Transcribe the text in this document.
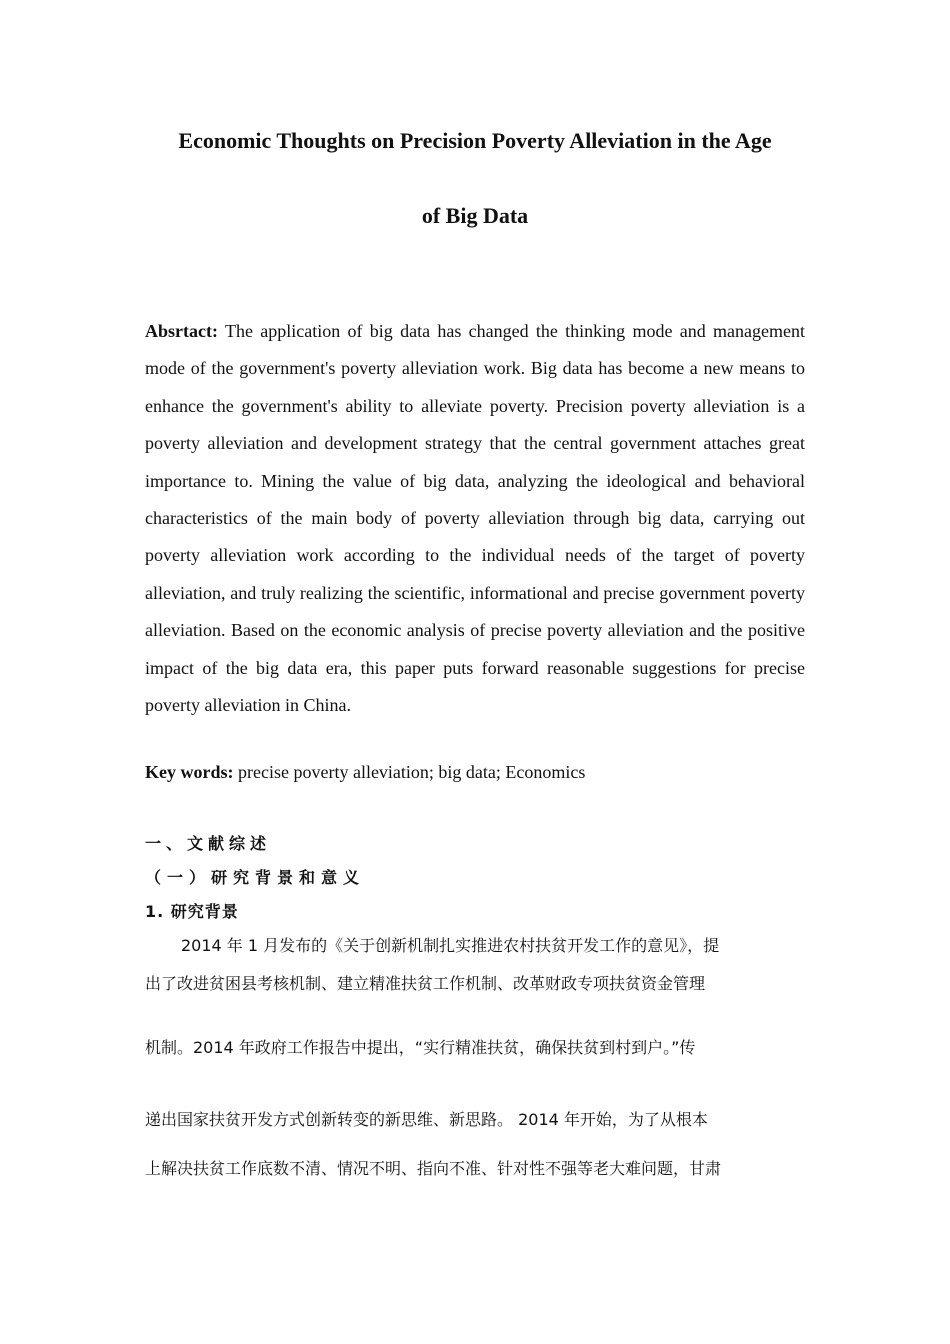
Economic Thoughts on Precision Poverty Alleviation in the Age
of Big Data

Absrtact: The application of big data has changed the thinking mode and management mode of the government's poverty alleviation work. Big data has become a new means to enhance the government's ability to alleviate poverty. Precision poverty alleviation is a poverty alleviation and development strategy that the central government attaches great importance to. Mining the value of big data, analyzing the ideological and behavioral characteristics of the main body of poverty alleviation through big data, carrying out poverty alleviation work according to the individual needs of the target of poverty alleviation, and truly realizing the scientific, informational and precise government poverty alleviation. Based on the economic analysis of precise poverty alleviation and the positive impact of the big data era, this paper puts forward reasonable suggestions for precise poverty alleviation in China.

Key words: precise poverty alleviation; big data; Economics

一、文献综述
（一）研究背景和意义
1. 研究背景

2014 年 1 月发布的《关于创新机制扎实推进农村扶贫开发工作的意见》，提

出了改进贫困县考核机制、建立精准扶贫工作机制、改革财政专项扶贫资金管理

机制。2014 年政府工作报告中提出，“实行精准扶贫，确保扶贫到村到户。”传

递出国家扶贫开发方式创新转变的新思维、新思路。 2014 年开始，为了从根本

上解决扶贫工作底数不清、情况不明、指向不准、针对性不强等老大难问题，甘肃
